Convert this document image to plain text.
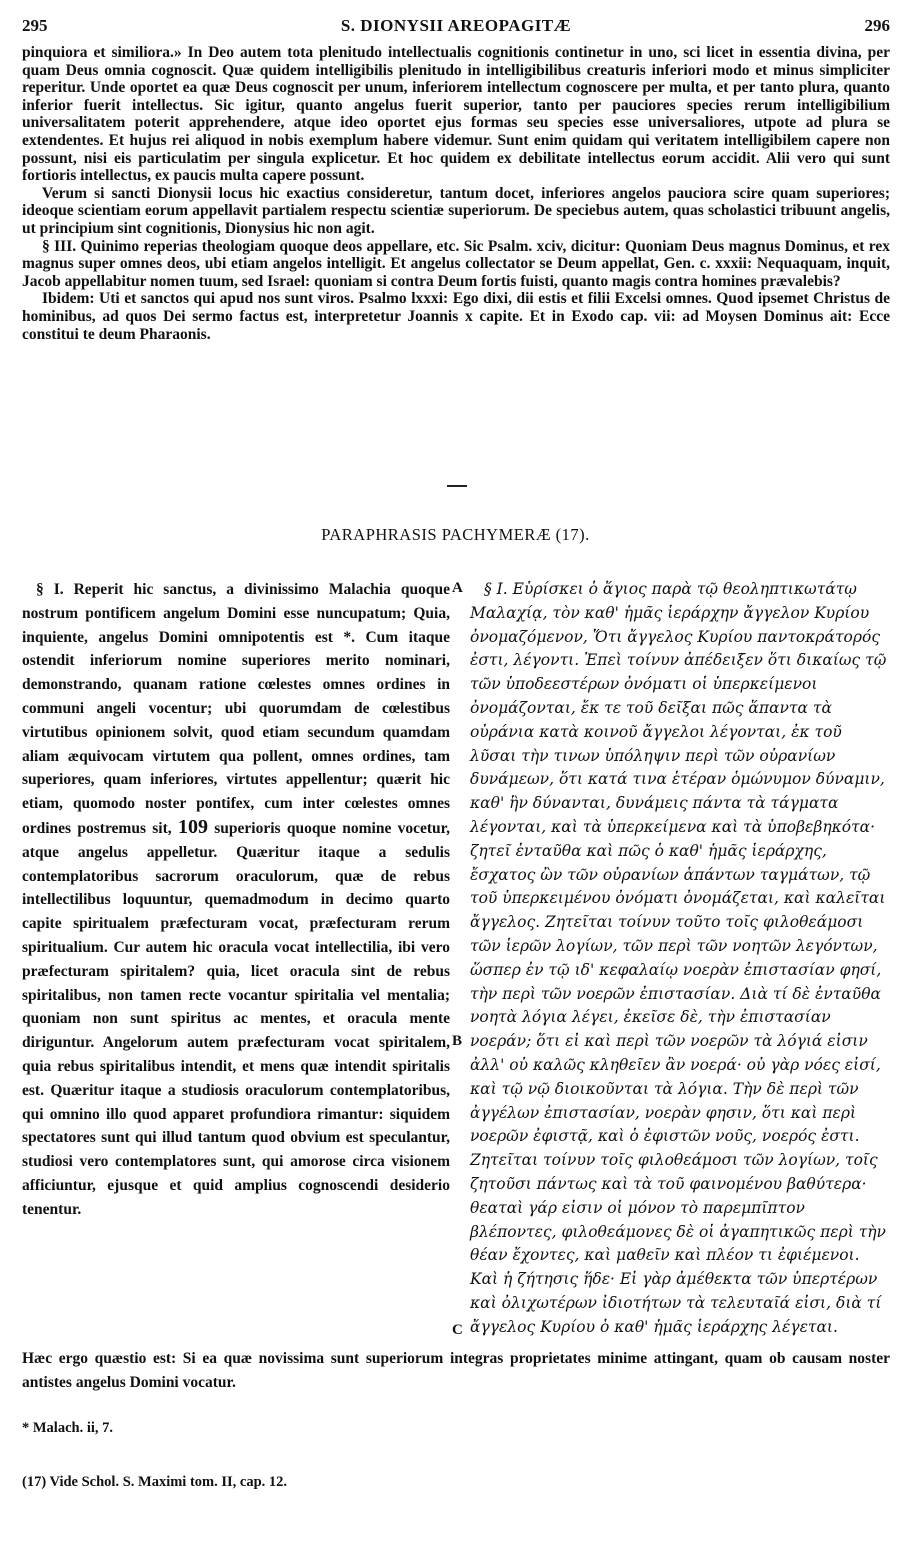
295	S. DIONYSII AREOPAGITÆ	296

pinquiora et similiora.» In Deo autem tota plenitudo intellectualis cognitionis continetur in uno, sci licet in essentia divina, per quam Deus omnia cognoscit. Quæ quidem intelligibilis plenitudo in intelligibilibus creaturis inferiori modo et minus simpliciter reperitur. Unde oportet ea quæ Deus cognoscit per unum, inferiorem intellectum cognoscere per multa, et per tanto plura, quanto inferior fuerit intellectus. Sic igitur, quanto angelus fuerit superior, tanto per pauciores species rerum intelligibilium universalitatem poterit apprehendere, atque ideo oportet ejus formas seu species esse universaliores, utpote ad plura se extendentes. Et hujus rei aliquod in nobis exemplum habere videmur. Sunt enim quidam qui veritatem intelligibilem capere non possunt, nisi eis particulatim per singula explicetur. Et hoc quidem ex debilitate intellectus eorum accidit. Alii vero qui sunt fortioris intellectus, ex paucis multa capere possunt.

Verum si sancti Dionysii locus hic exactius consideretur, tantum docet, inferiores angelos pauciora scire quam superiores; ideoque scientiam eorum appellavit partialem respectu scientiæ superiorum. De speciebus autem, quas scholastici tribuunt angelis, ut principium sint cognitionis, Dionysius hic non agit.

§ III. Quinimo reperias theologiam quoque deos appellare, etc. Sic Psalm. xciv, dicitur: Quoniam Deus magnus Dominus, et rex magnus super omnes deos, ubi etiam angelos intelligit. Et angelus collectator se Deum appellat, Gen. c. xxxii: Nequaquam, inquit, Jacob appellabitur nomen tuum, sed Israel: quoniam si contra Deum fortis fuisti, quanto magis contra homines prævalebis?

Ibidem: Uti et sanctos qui apud nos sunt viros. Psalmo lxxxi: Ego dixi, dii estis et filii Excelsi omnes. Quod ipsemet Christus de hominibus, ad quos Dei sermo factus est, interpretetur Joannis x capite. Et in Exodo cap. vii: ad Moysen Dominus ait: Ecce constitui te deum Pharaonis.

PARAPHRASIS PACHYMERÆ (17).

§ I. Reperit hic sanctus, a divinissimo Malachia quoque nostrum pontificem angelum Domini esse nuncupatum; Quia, inquiente, angelus Domini omnipotentis est *. Cum itaque ostendit inferiorum nomine superiores merito nominari, demonstrando, quanam ratione cœlestes omnes ordines in communi angeli vocentur; ubi quorumdam de cœlestibus virtutibus opinionem solvit, quod etiam secundum quamdam aliam æquivocam virtutem qua pollent, omnes ordines, tam superiores, quam inferiores, virtutes appellentur; quærit hic etiam, quomodo noster pontifex, cum inter cœlestes omnes ordines postremus sit, 109 superioris quoque nomine vocetur, atque angelus appelletur. Quæritur itaque a sedulis contemplatoribus sacrorum oraculorum, quæ de rebus intellectilibus loquuntur, quemadmodum in decimo quarto capite spiritualem præfecturam vocat, præfecturam rerum spiritualium. Cur autem hic oracula vocat intellectilia, ibi vero præfecturam spiritalem? quia, licet oracula sint de rebus spiritalibus, non tamen recte vocantur spiritalia vel mentalia; quoniam non sunt spiritus ac mentes, et oracula mente diriguntur. Angelorum autem præfecturam vocat spiritalem, quia rebus spiritalibus intendit, et mens quæ intendit spiritalis est. Quæritur itaque a studiosis oraculorum contemplatoribus, qui omnino illo quod apparet profundiora rimantur: siquidem spectatores sunt qui illud tantum quod obvium est speculantur, studiosi vero contemplatores sunt, qui amorose circa visionem afficiuntur, ejusque et quid amplius cognoscendi desiderio tenentur.

§ I. Εὑρίσκει ὁ ἅγιος παρὰ τῷ θεοληπτικωτάτῳ Μαλαχίᾳ, τὸν καθ' ἡμᾶς ἱεράρχην ἄγγελον Κυρίου ὀνομαζόμενον, Ὅτι ἄγγελος Κυρίου παντοκράτορός ἐστι, λέγοντι. Ἐπεὶ τοίνυν ἀπέδειξεν ὅτι δικαίως τῷ τῶν ὑποδεεστέρων ὀνόματι οἱ ὑπερκείμενοι ὀνομάζονται, ἔκ τε τοῦ δεῖξαι πῶς ἅπαντα τὰ οὐράνια κατὰ κοινοῦ ἄγγελοι λέγονται, ἐκ τοῦ λῦσαι τὴν τινων ὑπόληψιν περὶ τῶν οὐρανίων δυνάμεων, ὅτι κατά τινα ἑτέραν ὁμώνυμον δύναμιν, καθ' ἣν δύνανται, δυνάμεις πάντα τὰ τάγματα λέγονται, καὶ τὰ ὑπερκείμενα καὶ τὰ ὑποβεβηκότα· ζητεῖ ἐνταῦθα καὶ πῶς ὁ καθ' ἡμᾶς ἱεράρχης, ἔσχατος ὢν τῶν οὐρανίων ἁπάντων ταγμάτων, τῷ τοῦ ὑπερκειμένου ὀνόματι ὀνομάζεται, καὶ καλεῖται ἄγγελος. Ζητεῖται τοίνυν τοῦτο τοῖς φιλοθεάμοσι τῶν ἱερῶν λογίων, τῶν περὶ τῶν νοητῶν λεγόντων, ὥσπερ ἐν τῷ ιδ' κεφαλαίῳ νοερὰν ἐπιστασίαν φησί, τὴν περὶ τῶν νοερῶν ἐπιστασίαν. Διὰ τί δὲ ἐνταῦθα νοητὰ λόγια λέγει, ἐκεῖσε δὲ, τὴν ἐπιστασίαν νοεράν; ὅτι εἰ καὶ περὶ τῶν νοερῶν τὰ λόγιά εἰσιν ἀλλ' οὐ καλῶς κληθεῖεν ἂν νοερά· οὐ γὰρ νόες εἰσί, καὶ τῷ νῷ διοικοῦνται τὰ λόγια. Τὴν δὲ περὶ τῶν ἀγγέλων ἐπιστασίαν, νοερὰν φησιν, ὅτι καὶ περὶ νοερῶν ἐφιστᾷ, καὶ ὁ ἐφιστῶν νοῦς, νοερός ἐστι. Ζητεῖται τοίνυν τοῖς φιλοθεάμοσι τῶν λογίων, τοῖς ζητοῦσι πάντως καὶ τὰ τοῦ φαινομένου βαθύτερα· θεαταὶ γάρ εἰσιν οἱ μόνον τὸ παρεμπῖπτον βλέποντες, φιλοθεάμονες δὲ οἱ ἀγαπητικῶς περὶ τὴν θέαν ἔχοντες, καὶ μαθεῖν καὶ πλέον τι ἐφιέμενοι. Καὶ ἡ ζήτησις ἥδε· Εἰ γὰρ ἀμέθεκτα τῶν ὑπερτέρων καὶ ὀλιχωτέρων ἰδιοτήτων τὰ τελευταῖά εἰσι, διὰ τί ἄγγελος Κυρίου ὁ καθ' ἡμᾶς ἱεράρχης λέγεται.

A
B
C

Hæc ergo quæstio est: Si ea quæ novissima sunt superiorum integras proprietates minime attingant, quam ob causam noster antistes angelus Domini vocatur.

* Malach. ii, 7.
(17) Vide Schol. S. Maximi tom. II, cap. 12.
